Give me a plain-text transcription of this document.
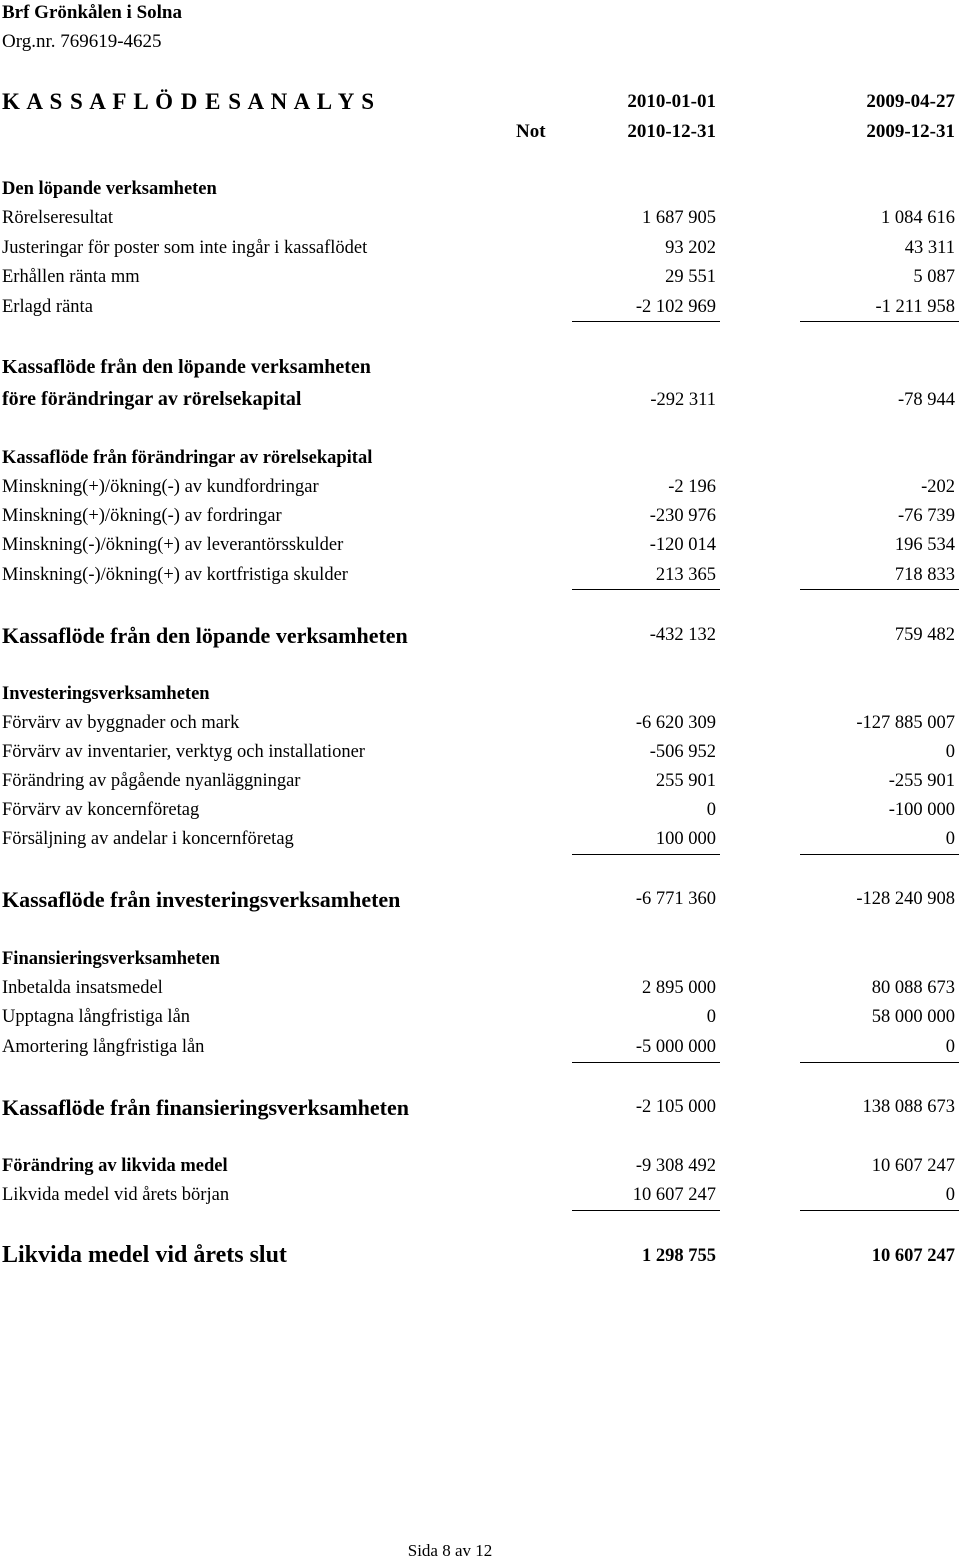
Brf Grönkålen i Solna
Org.nr. 769619-4625
K A S S A F L Ö D E S A N A L Y S	2010-01-01	2009-04-27
Not	2010-12-31	2009-12-31
Den löpande verksamheten
Rörelseresultat	1 687 905	1 084 616
Justeringar för poster som inte ingår i kassaflödet	93 202	43 311
Erhållen ränta mm	29 551	5 087
Erlagd ränta	-2 102 969	-1 211 958
Kassaflöde från den löpande verksamheten
före förändringar av rörelsekapital	-292 311	-78 944
Kassaflöde från förändringar av rörelsekapital
Minskning(+)/ökning(-) av kundfordringar	-2 196	-202
Minskning(+)/ökning(-) av fordringar	-230 976	-76 739
Minskning(-)/ökning(+) av leverantörsskulder	-120 014	196 534
Minskning(-)/ökning(+) av kortfristiga skulder	213 365	718 833
Kassaflöde från den löpande verksamheten	-432 132	759 482
Investeringsverksamheten
Förvärv av byggnader och mark	-6 620 309	-127 885 007
Förvärv av inventarier, verktyg och installationer	-506 952	0
Förändring av pågående nyanläggningar	255 901	-255 901
Förvärv av koncernföretag	0	-100 000
Försäljning av andelar i koncernföretag	100 000	0
Kassaflöde från investeringsverksamheten	-6 771 360	-128 240 908
Finansieringsverksamheten
Inbetalda insatsmedel	2 895 000	80 088 673
Upptagna långfristiga lån	0	58 000 000
Amortering långfristiga lån	-5 000 000	0
Kassaflöde från finansieringsverksamheten	-2 105 000	138 088 673
Förändring av likvida medel	-9 308 492	10 607 247
Likvida medel vid årets början	10 607 247	0
Likvida medel vid årets slut	1 298 755	10 607 247
Sida 8 av 12
